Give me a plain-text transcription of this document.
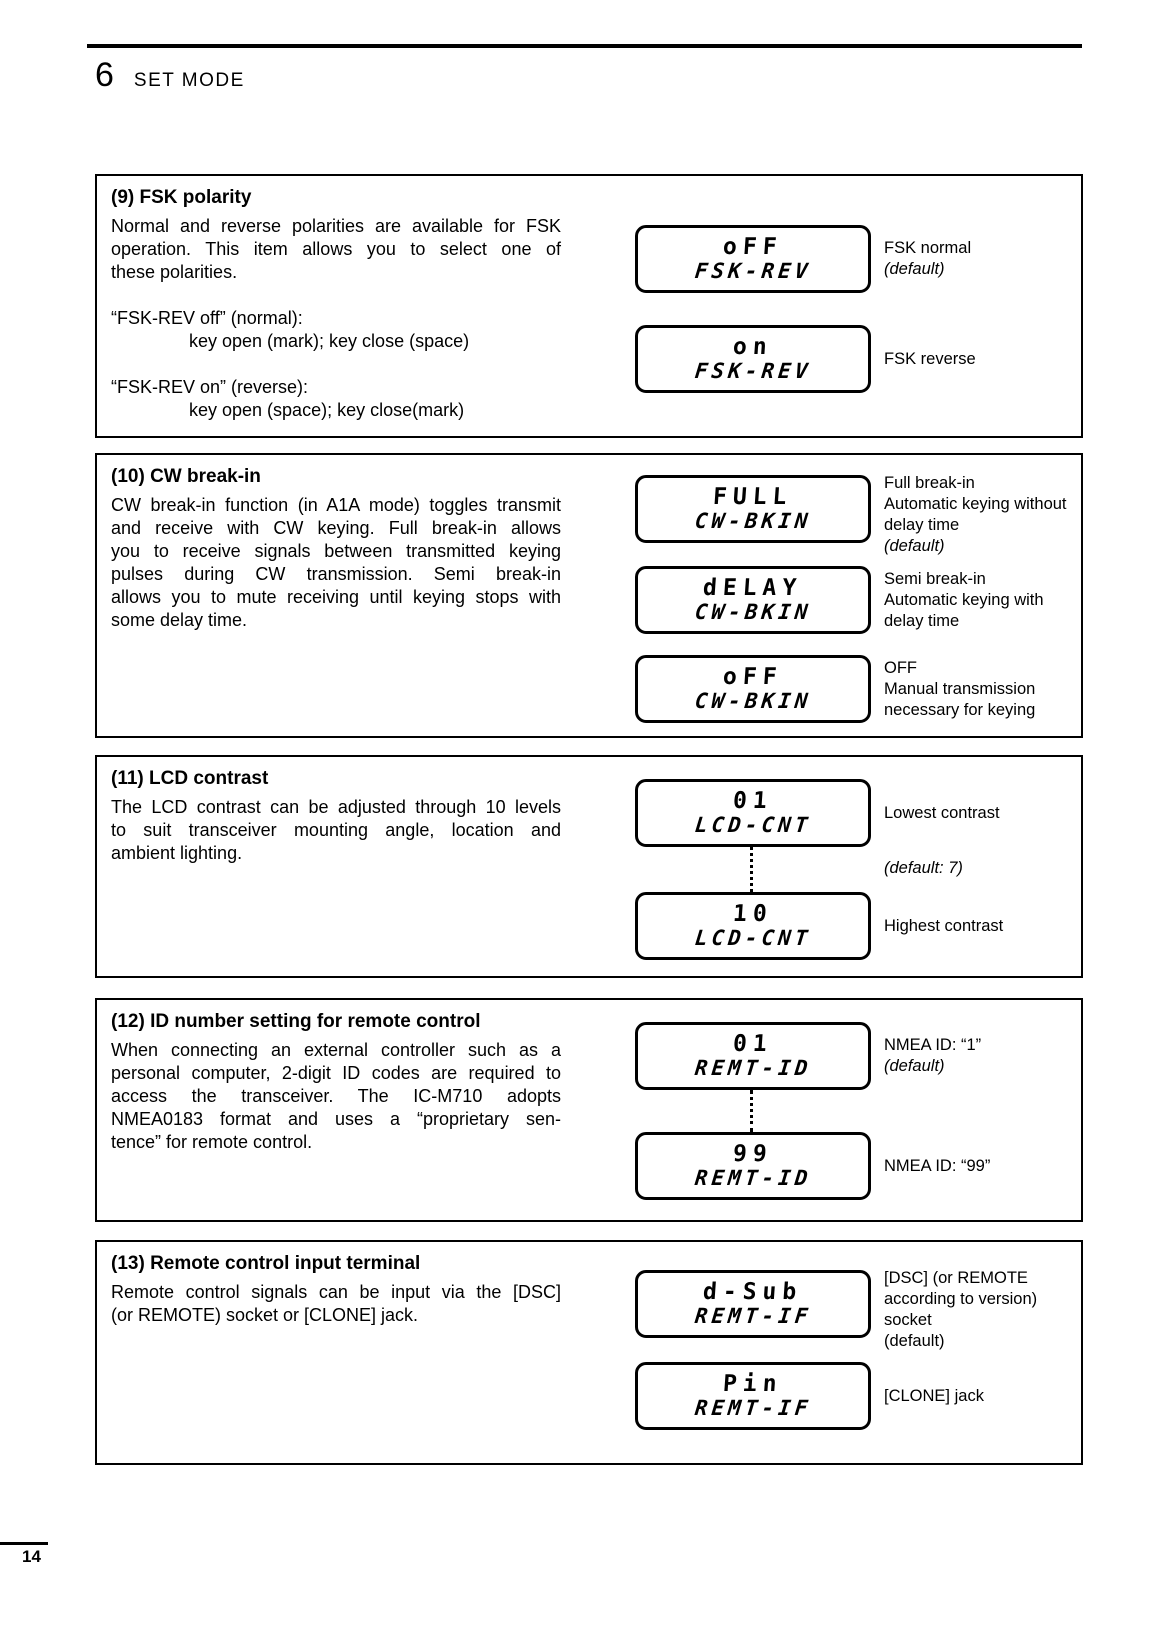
6 SET MODE
(9) FSK polarity
Normal and reverse polarities are available for FSK
operation. This item allows you to select one of
these polarities.
“FSK-REV off” (normal):
key open (mark); key close (space)
“FSK-REV on” (reverse):
key open (space); key close(mark)
oFF
FSK-REV
FSK normal
(default)
on
FSK-REV
FSK reverse
(10) CW break-in
CW break-in function (in A1A mode) toggles transmit
and receive with CW keying. Full break-in allows
you to receive signals between transmitted keying
pulses during CW transmission. Semi break-in
allows you to mute receiving until keying stops with
some delay time.
FULL
CW-BKIN
Full break-in
Automatic keying without
delay time
(default)
dELAY
CW-BKIN
Semi break-in
Automatic keying with
delay time
oFF
CW-BKIN
OFF
Manual transmission
necessary for keying
(11) LCD contrast
The LCD contrast can be adjusted through 10 levels
to suit transceiver mounting angle, location and
ambient lighting.
01
LCD-CNT
Lowest contrast
(default: 7)
10
LCD-CNT
Highest contrast
(12) ID number setting for remote control
When connecting an external controller such as a
personal computer, 2-digit ID codes are required to
access the transceiver. The IC-M710 adopts
NMEA0183 format and uses a “proprietary sen-
tence” for remote control.
01
REMT-ID
NMEA ID: “1”
(default)
99
REMT-ID
NMEA ID: “99”
(13) Remote control input terminal
Remote control signals can be input via the [DSC]
(or REMOTE) socket or [CLONE] jack.
d-Sub
REMT-IF
[DSC] (or REMOTE
according to version)
socket
(default)
Pin
REMT-IF
[CLONE] jack
14
